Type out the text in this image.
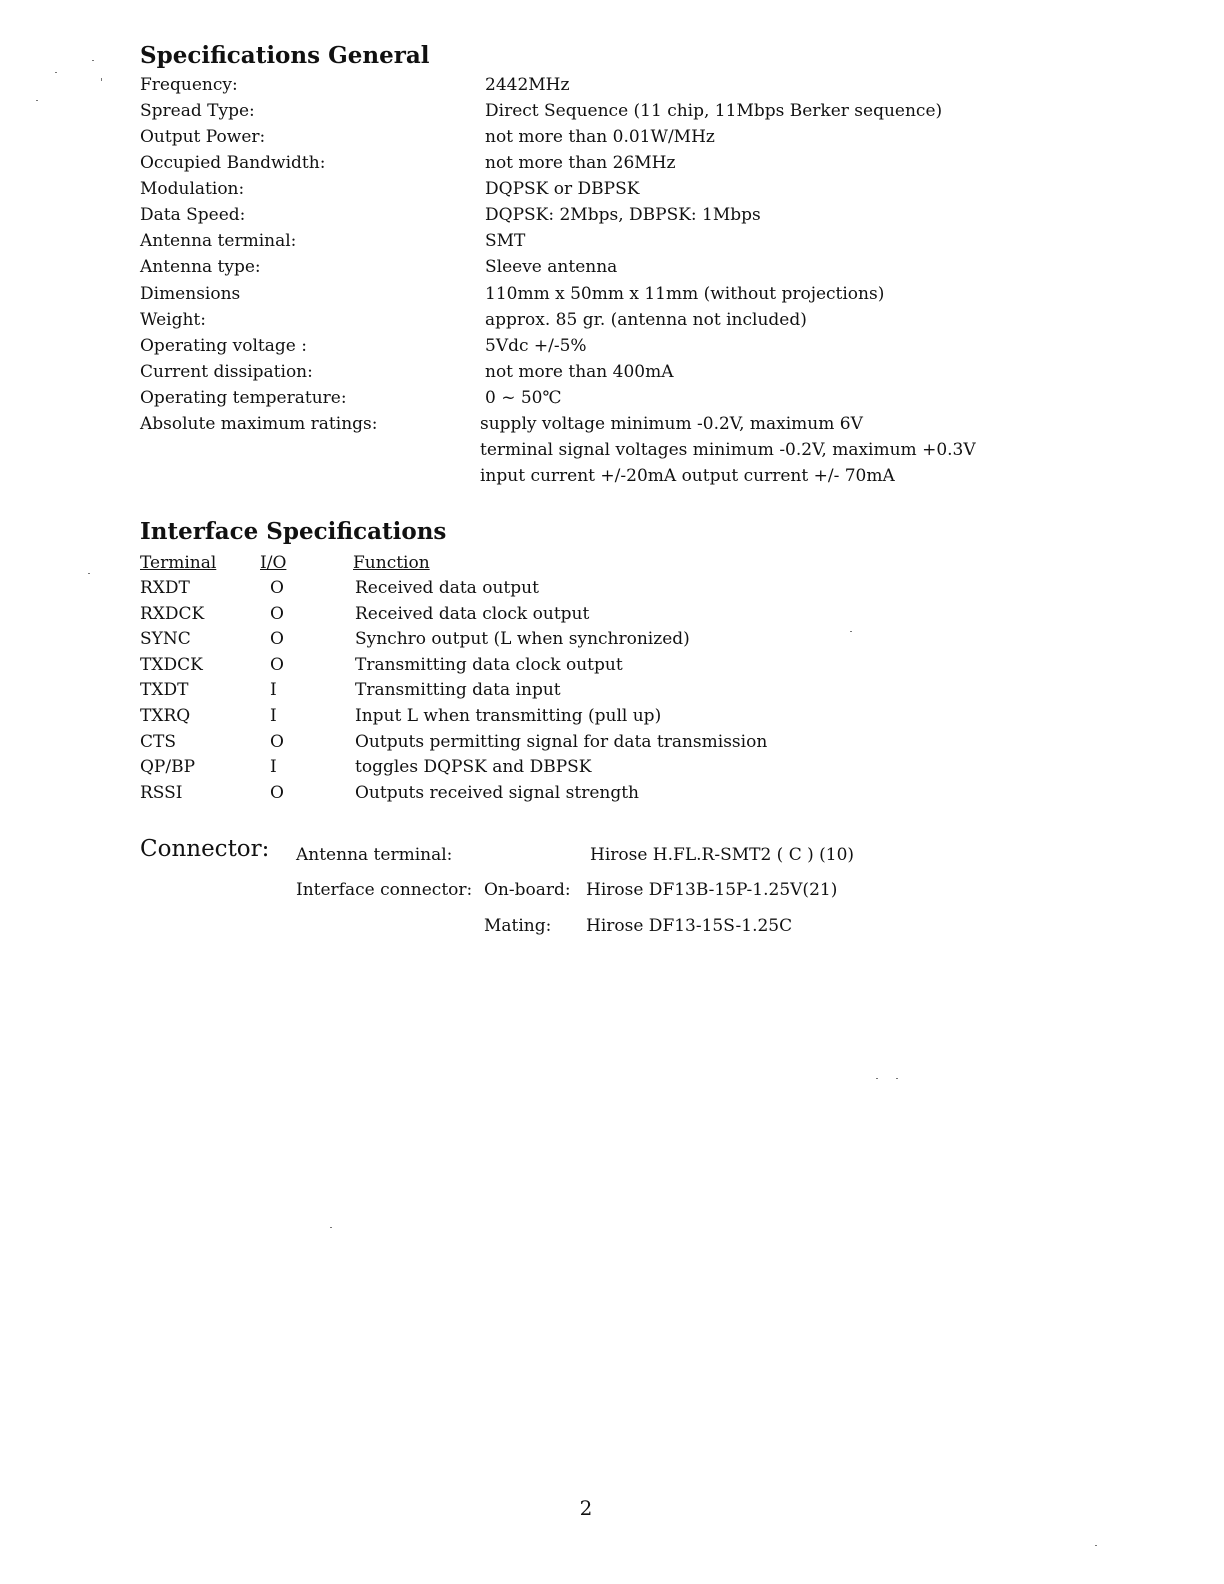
Specifications General
Frequency:	2442MHz
Spread Type:	Direct Sequence (11 chip, 11Mbps Berker sequence)
Output Power:	not more than 0.01W/MHz
Occupied Bandwidth:	not more than 26MHz
Modulation:	DQPSK or DBPSK
Data Speed:	DQPSK: 2Mbps, DBPSK: 1Mbps
Antenna terminal:	SMT
Antenna type:	Sleeve antenna
Dimensions	110mm x 50mm x 11mm (without projections)
Weight:	approx. 85 gr. (antenna not included)
Operating voltage :	5Vdc +/-5%
Current dissipation:	not more than 400mA
Operating temperature:	0 ~ 50℃
Absolute maximum ratings:	supply voltage minimum -0.2V, maximum 6V
terminal signal voltages minimum -0.2V, maximum +0.3V
input current +/-20mA output current +/- 70mA
Interface Specifications
Terminal	I/O	Function
RXDT	O	Received data output
RXDCK	O	Received data clock output
SYNC	O	Synchro output (L when synchronized)
TXDCK	O	Transmitting data clock output
TXDT	I	Transmitting data input
TXRQ	I	Input L when transmitting (pull up)
CTS	O	Outputs permitting signal for data transmission
QP/BP	I	toggles DQPSK and DBPSK
RSSI	O	Outputs received signal strength
Connector: Antenna terminal:	Hirose H.FL.R-SMT2 ( C ) (10)
Interface connector: On-board: Hirose DF13B-15P-1.25V(21)
Mating: Hirose DF13-15S-1.25C
2
